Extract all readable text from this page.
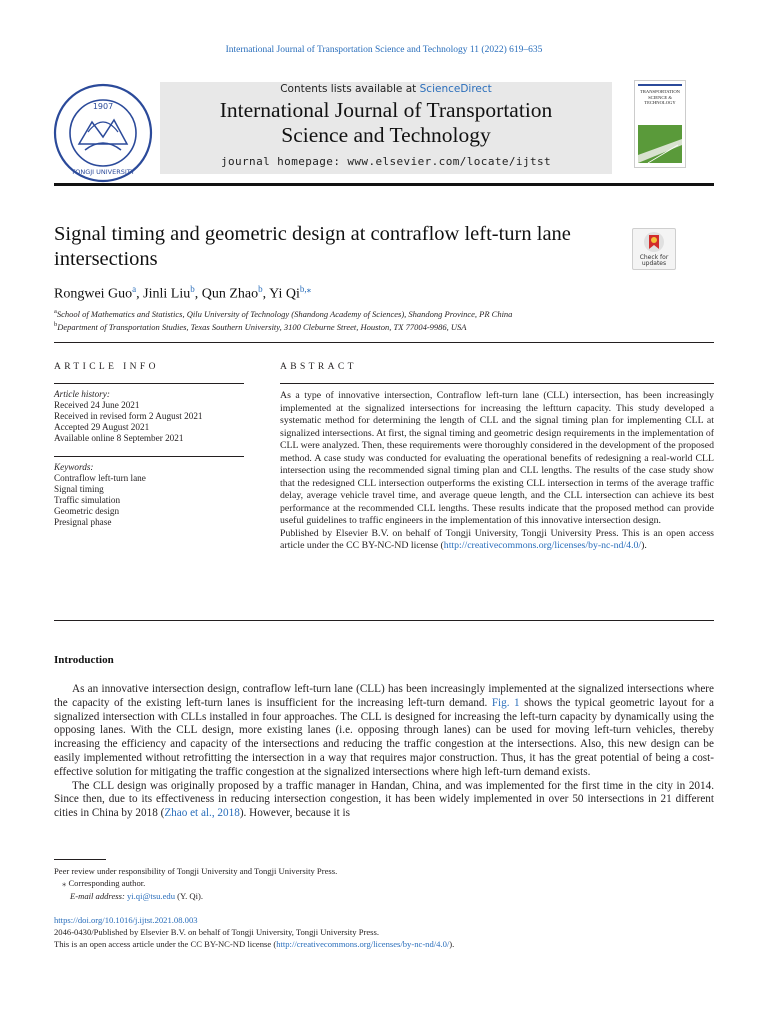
International Journal of Transportation Science and Technology 11 (2022) 619–635
1907
TONGJI UNIVERSITY
Contents lists available at ScienceDirect
International Journal of Transportation
Science and Technology
journal homepage: www.elsevier.com/locate/ijtst
TRANSPORTATION
SCIENCE &
TECHNOLOGY
Signal timing and geometric design at contraflow left-turn lane
intersections	Check for
updates
Rongwei Guo$^a$, Jinli Liu$^b$, Qun Zhao$^b$, Yi $Qi^{b,⁎}$
$^a$School of Mathematics and Statistics, Qilu University of Technology (Shandong Academy of Sciences), Shandong Province, PR China
$^b$Department of Transportation Studies, Texas Southern University, 3100 Cleburne Street, Houston, TX 77004-9986, USA
ARTICLE INFO	ABSTRACT
Article history:
Received 24 June 2021
Received in revised form 2 August 2021
Accepted 29 August 2021
Available online 8 September 2021
Keywords:
Contraflow left-turn lane
Signal timing
Traffic simulation
Geometric design
Presignal phase
As a type of innovative intersection, Contraflow left-turn lane (CLL) intersection, has been increasingly implemented at the signalized intersections for increasing the leftturn capacity. This study developed a systematic method for determining the length of CLL and the signal timing plan for implementing CLL at signalized intersections. At first, the signal timing and geometric design requirements in the implementation of CLL were analyzed. Then, these requirements were thoroughly considered in the development of the proposed method. A case study was conducted for evaluating the operational benefits of redesigning a real-world CLL intersection using the recommended signal timing plan and CLL lengths. The results of the case study show that the redesigned CLL intersection outperforms the existing CLL intersection in terms of the average traffic delay, average vehicle travel time, and average queue length, and the CLL intersection can achieve its best performance at the recommended CLL lengths. These results indicate that the proposed method can provide useful guidelines to traffic engineers in the implementation of this innovative intersection design.
Published by Elsevier B.V. on behalf of Tongji University, Tongji University Press. This is an open access article under the CC BY-NC-ND license (http://creativecommons.org/licenses/by-nc-nd/4.0/).
Introduction

As an innovative intersection design, contraflow left-turn lane (CLL) has been increasingly implemented at the signalized intersections where the capacity of the existing left-turn lanes is insufficient for the increasing left-turn demand. Fig. 1 shows the typical geometric layout for a signalized intersection with CLLs installed in four approaches. The CLL is designed for increasing the left-turn capacity by dynamically using the opposing lanes. With the CLL design, more existing lanes (i.e. opposing through lanes) can be used for moving left-turn vehicles, thereby increasing the efficiency and capacity of the intersections and reducing the traffic congestion at the intersections. Also, this new design can be easily implemented without retrofitting the intersection in a way that requires major construction. Thus, it has the great potential of being a cost-effective solution for mitigating the traffic congestion at the signalized intersections where high left-turn demand exists.

The CLL design was originally proposed by a traffic manager in Handan, China, and was implemented for the first time in the city in 2014. Since then, due to its effectiveness in reducing intersection congestion, it has been widely implemented in over 50 intersections in 21 different cities in China by 2018 (Zhao et al., 2018). However, because it is

Peer review under responsibility of Tongji University and Tongji University Press.
⁎ Corresponding author.
E-mail address: yi.qi@tsu.edu (Y. Qi).
https://doi.org/10.1016/j.ijtst.2021.08.003
2046-0430/Published by Elsevier B.V. on behalf of Tongji University, Tongji University Press.
This is an open access article under the CC BY-NC-ND license (http://creativecommons.org/licenses/by-nc-nd/4.0/).
